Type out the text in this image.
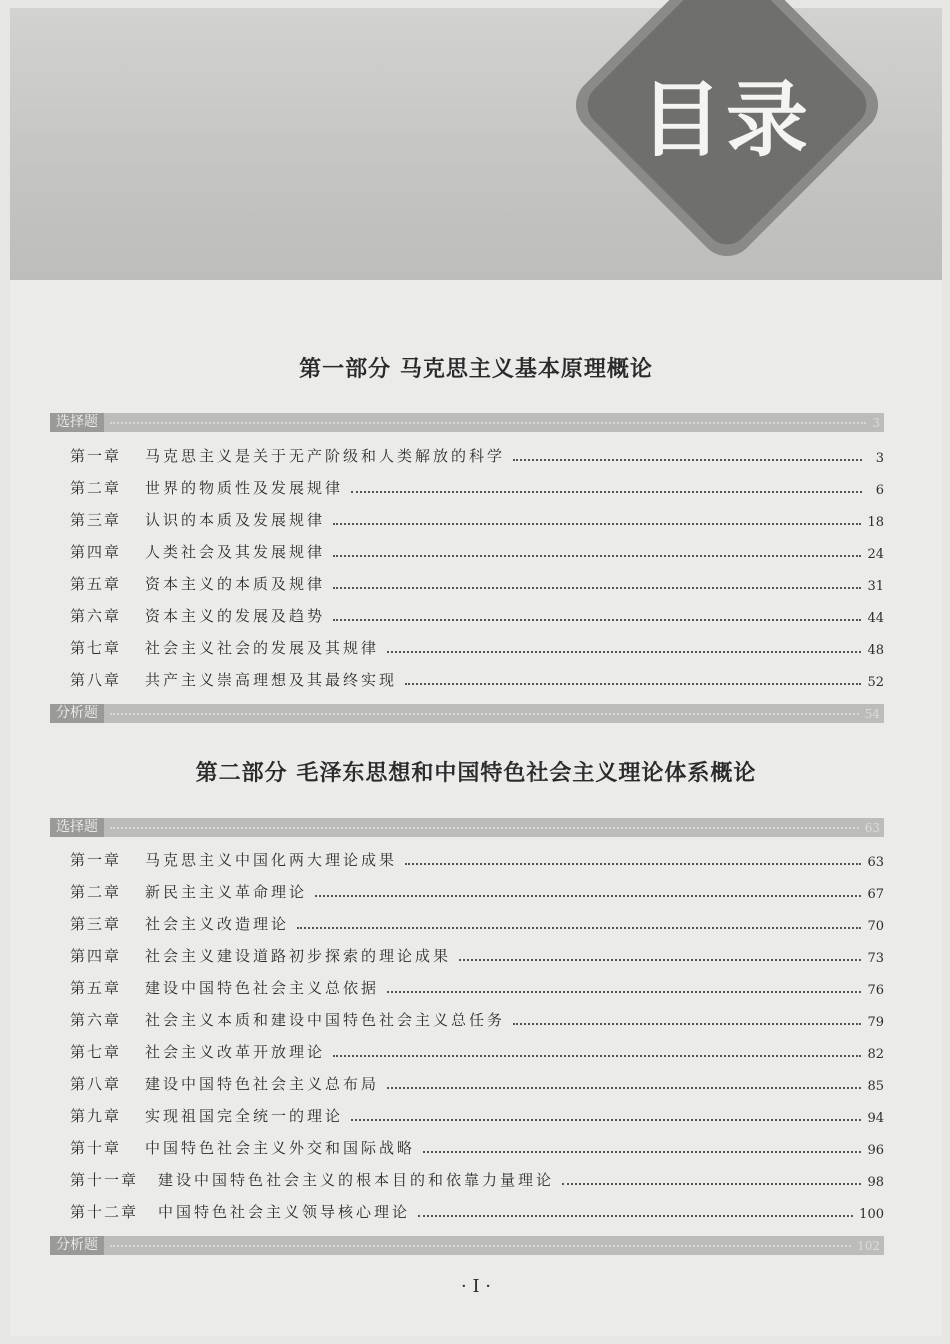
目录
第一部分 马克思主义基本原理概论
选择题	3
第一章 马克思主义是关于无产阶级和人类解放的科学	3
第二章 世界的物质性及发展规律	6
第三章 认识的本质及发展规律	18
第四章 人类社会及其发展规律	24
第五章 资本主义的本质及规律	31
第六章 资本主义的发展及趋势	44
第七章 社会主义社会的发展及其规律	48
第八章 共产主义崇高理想及其最终实现	52
分析题	54
第二部分 毛泽东思想和中国特色社会主义理论体系概论
选择题	63
第一章 马克思主义中国化两大理论成果	63
第二章 新民主主义革命理论	67
第三章 社会主义改造理论	70
第四章 社会主义建设道路初步探索的理论成果	73
第五章 建设中国特色社会主义总依据	76
第六章 社会主义本质和建设中国特色社会主义总任务	79
第七章 社会主义改革开放理论	82
第八章 建设中国特色社会主义总布局	85
第九章 实现祖国完全统一的理论	94
第十章 中国特色社会主义外交和国际战略	96
第十一章 建设中国特色社会主义的根本目的和依靠力量理论	98
第十二章 中国特色社会主义领导核心理论	100
分析题	102
· I ·
